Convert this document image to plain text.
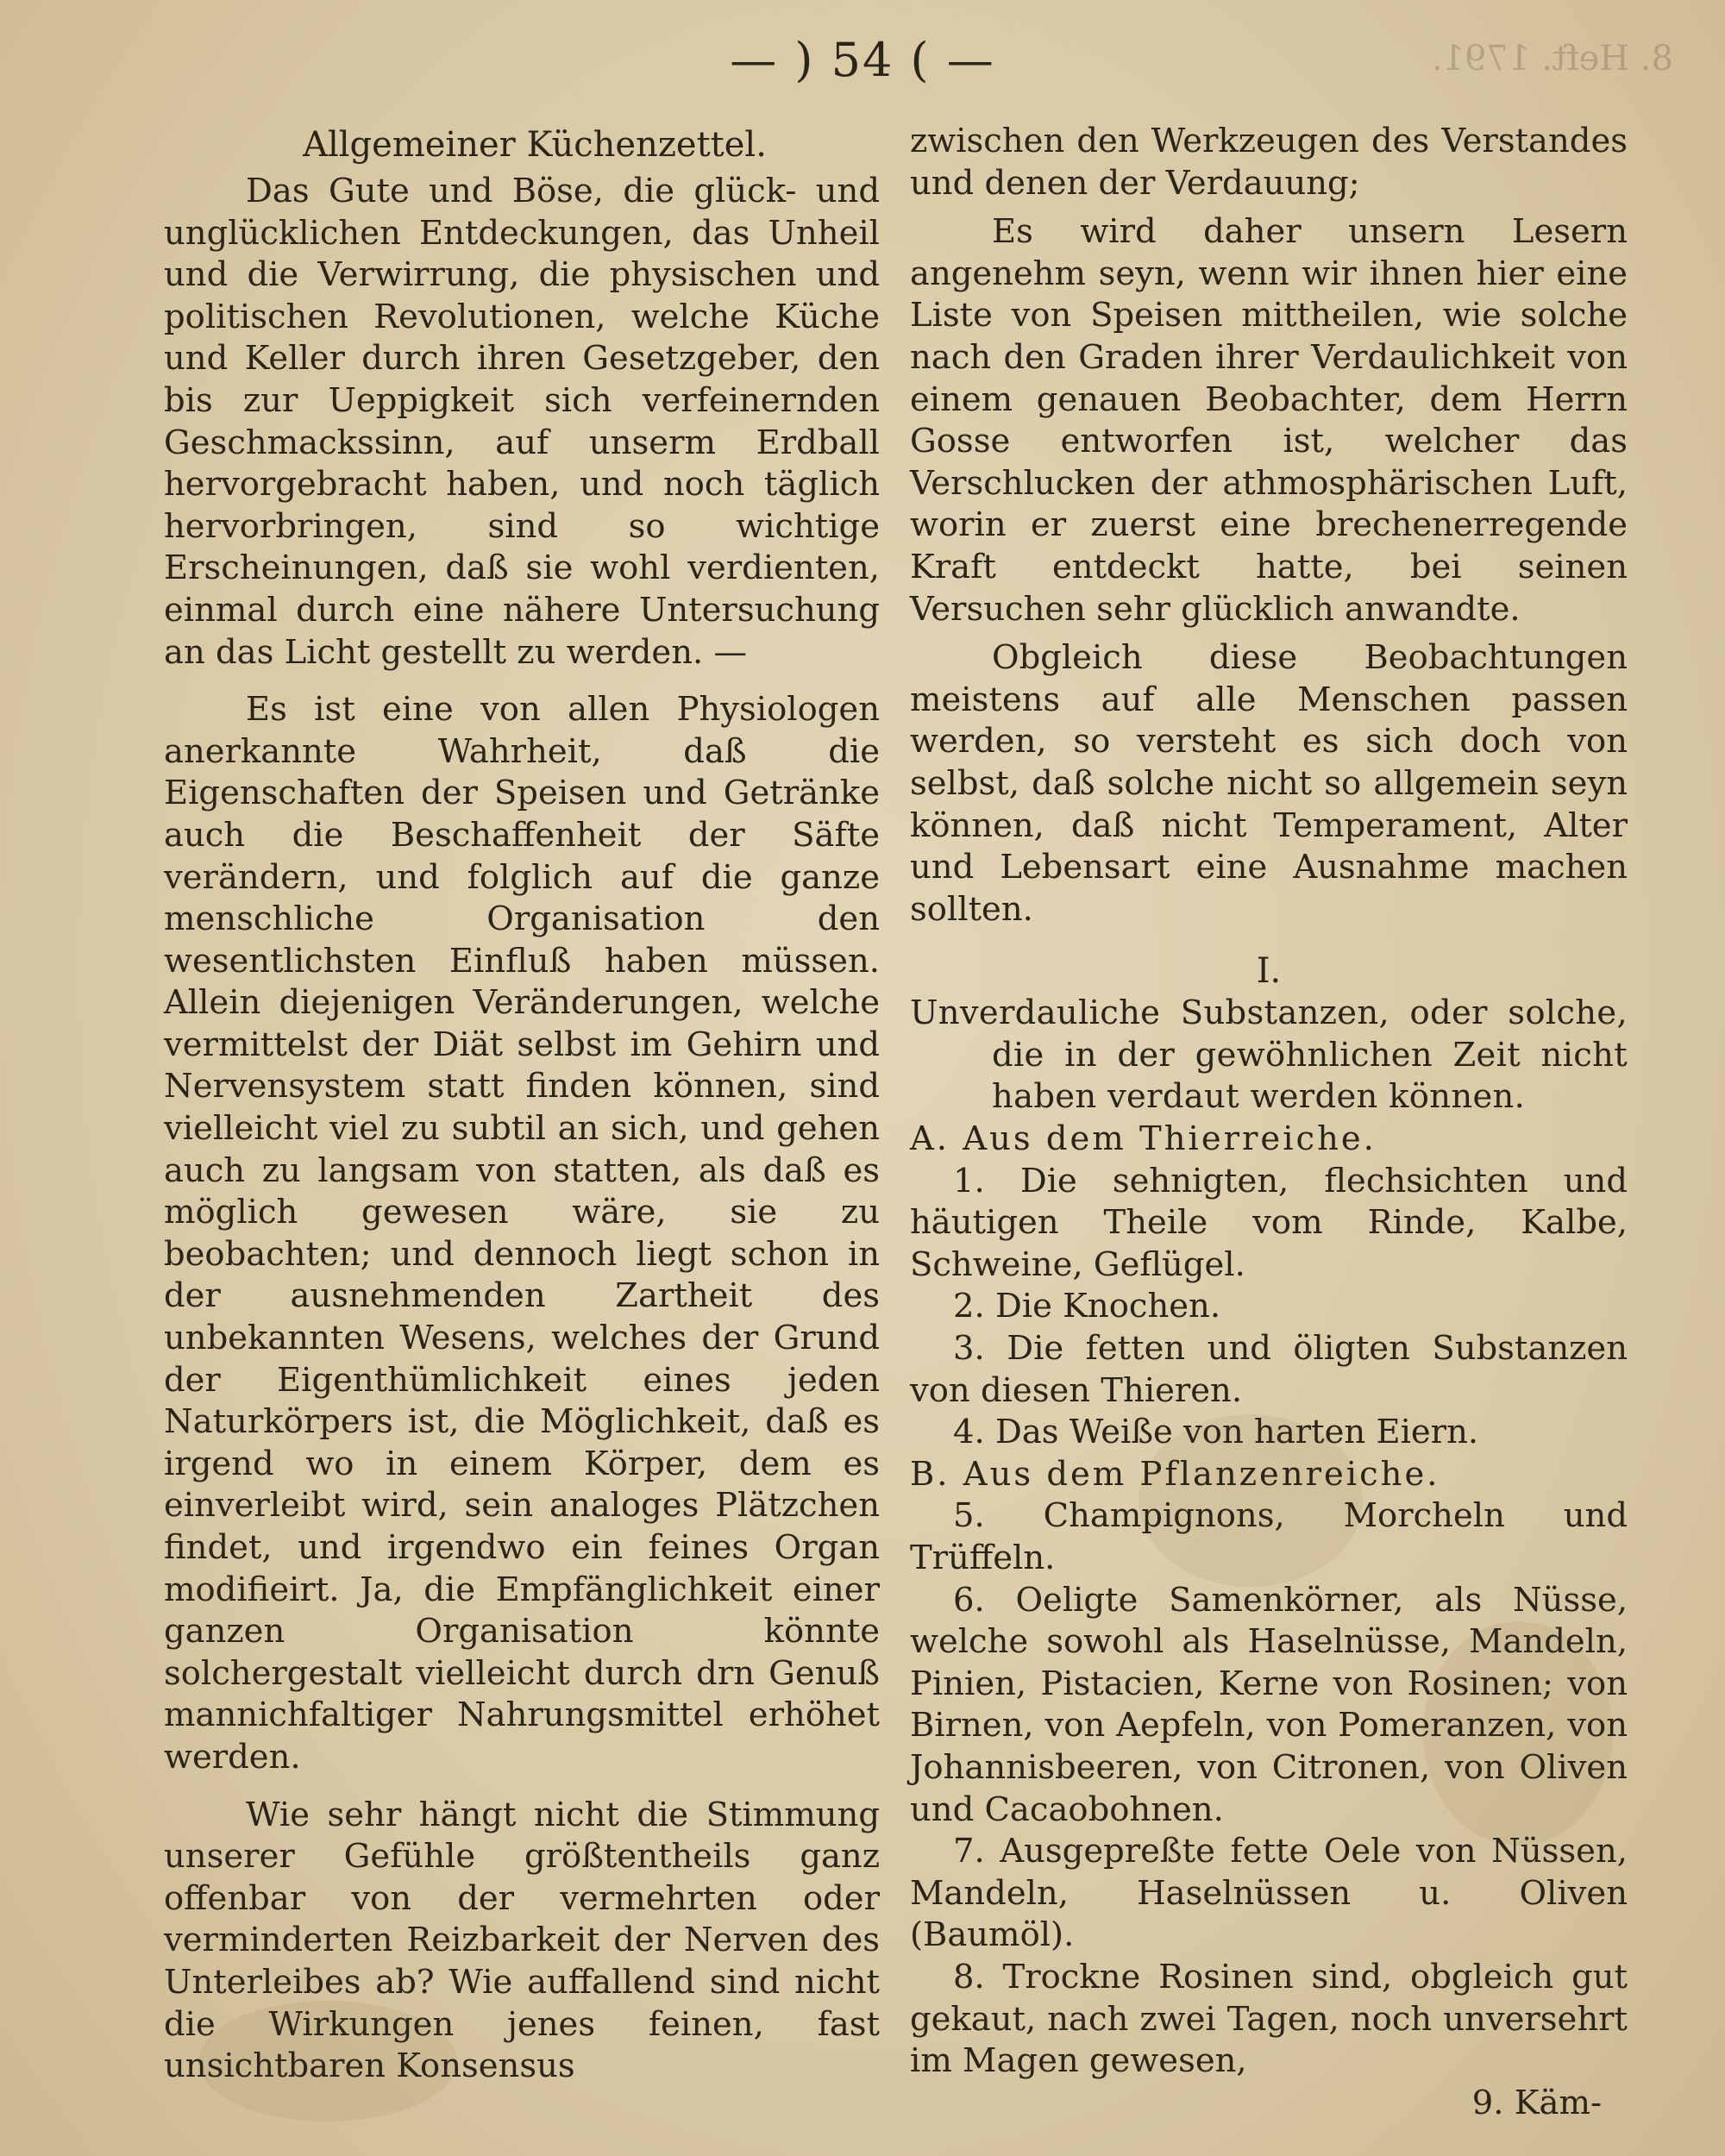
8. Heft. 1791.
— ) 54 ( —
Allgemeiner Küchenzettel.

Das Gute und Böse, die glück- und unglücklichen Entdeckungen, das Unheil und die Verwirrung, die physischen und politischen Revolutionen, welche Küche und Keller durch ihren Gesetzgeber, den bis zur Ueppigkeit sich verfeinernden Geschmackssinn, auf unserm Erdball hervorgebracht haben, und noch täglich hervorbringen, sind so wichtige Erscheinungen, daß sie wohl verdienten, einmal durch eine nähere Untersuchung an das Licht gestellt zu werden. —

Es ist eine von allen Physiologen anerkannte Wahrheit, daß die Eigenschaften der Speisen und Getränke auch die Beschaffenheit der Säfte verändern, und folglich auf die ganze menschliche Organisation den wesentlichsten Einfluß haben müssen. Allein diejenigen Veränderungen, welche vermittelst der Diät selbst im Gehirn und Nervensystem statt finden können, sind vielleicht viel zu subtil an sich, und gehen auch zu langsam von statten, als daß es möglich gewesen wäre, sie zu beobachten; und dennoch liegt schon in der ausnehmenden Zartheit des unbekannten Wesens, welches der Grund der Eigenthümlichkeit eines jeden Naturkörpers ist, die Möglichkeit, daß es irgend wo in einem Körper, dem es einverleibt wird, sein analoges Plätzchen findet, und irgendwo ein feines Organ modifieirt. Ja, die Empfänglichkeit einer ganzen Organisation könnte solchergestalt vielleicht durch drn Genuß mannichfaltiger Nahrungsmittel erhöhet werden.

Wie sehr hängt nicht die Stimmung unserer Gefühle größtentheils ganz offenbar von der vermehrten oder verminderten Reizbarkeit der Nerven des Unterleibes ab? Wie auffallend sind nicht die Wirkungen jenes feinen, fast unsichtbaren Konsensus

zwischen den Werkzeugen des Verstandes und denen der Verdauung;

Es wird daher unsern Lesern angenehm seyn, wenn wir ihnen hier eine Liste von Speisen mittheilen, wie solche nach den Graden ihrer Verdaulichkeit von einem genauen Beobachter, dem Herrn Gosse entworfen ist, welcher das Verschlucken der athmosphärischen Luft, worin er zuerst eine brechenerregende Kraft entdeckt hatte, bei seinen Versuchen sehr glücklich anwandte.

Obgleich diese Beobachtungen meistens auf alle Menschen passen werden, so versteht es sich doch von selbst, daß solche nicht so allgemein seyn können, daß nicht Temperament, Alter und Lebensart eine Ausnahme machen sollten.

I.

Unverdauliche Substanzen, oder solche, die in der gewöhnlichen Zeit nicht haben verdaut werden können.

A. Aus dem Thierreiche.

1. Die sehnigten, flechsichten und häutigen Theile vom Rinde, Kalbe, Schweine, Geflügel.

2. Die Knochen.

3. Die fetten und öligten Substanzen von diesen Thieren.

4. Das Weiße von harten Eiern.

B. Aus dem Pflanzenreiche.

5. Champignons, Morcheln und Trüffeln.

6. Oeligte Samenkörner, als Nüsse, welche sowohl als Haselnüsse, Mandeln, Pinien, Pistacien, Kerne von Rosinen; von Birnen, von Aepfeln, von Pomeranzen, von Johannisbeeren, von Citronen, von Oliven und Cacaobohnen.

7. Ausgepreßte fette Oele von Nüssen, Mandeln, Haselnüssen u. Oliven (Baumöl).

8. Trockne Rosinen sind, obgleich gut gekaut, nach zwei Tagen, noch unversehrt im Magen gewesen,

9. Käm-
